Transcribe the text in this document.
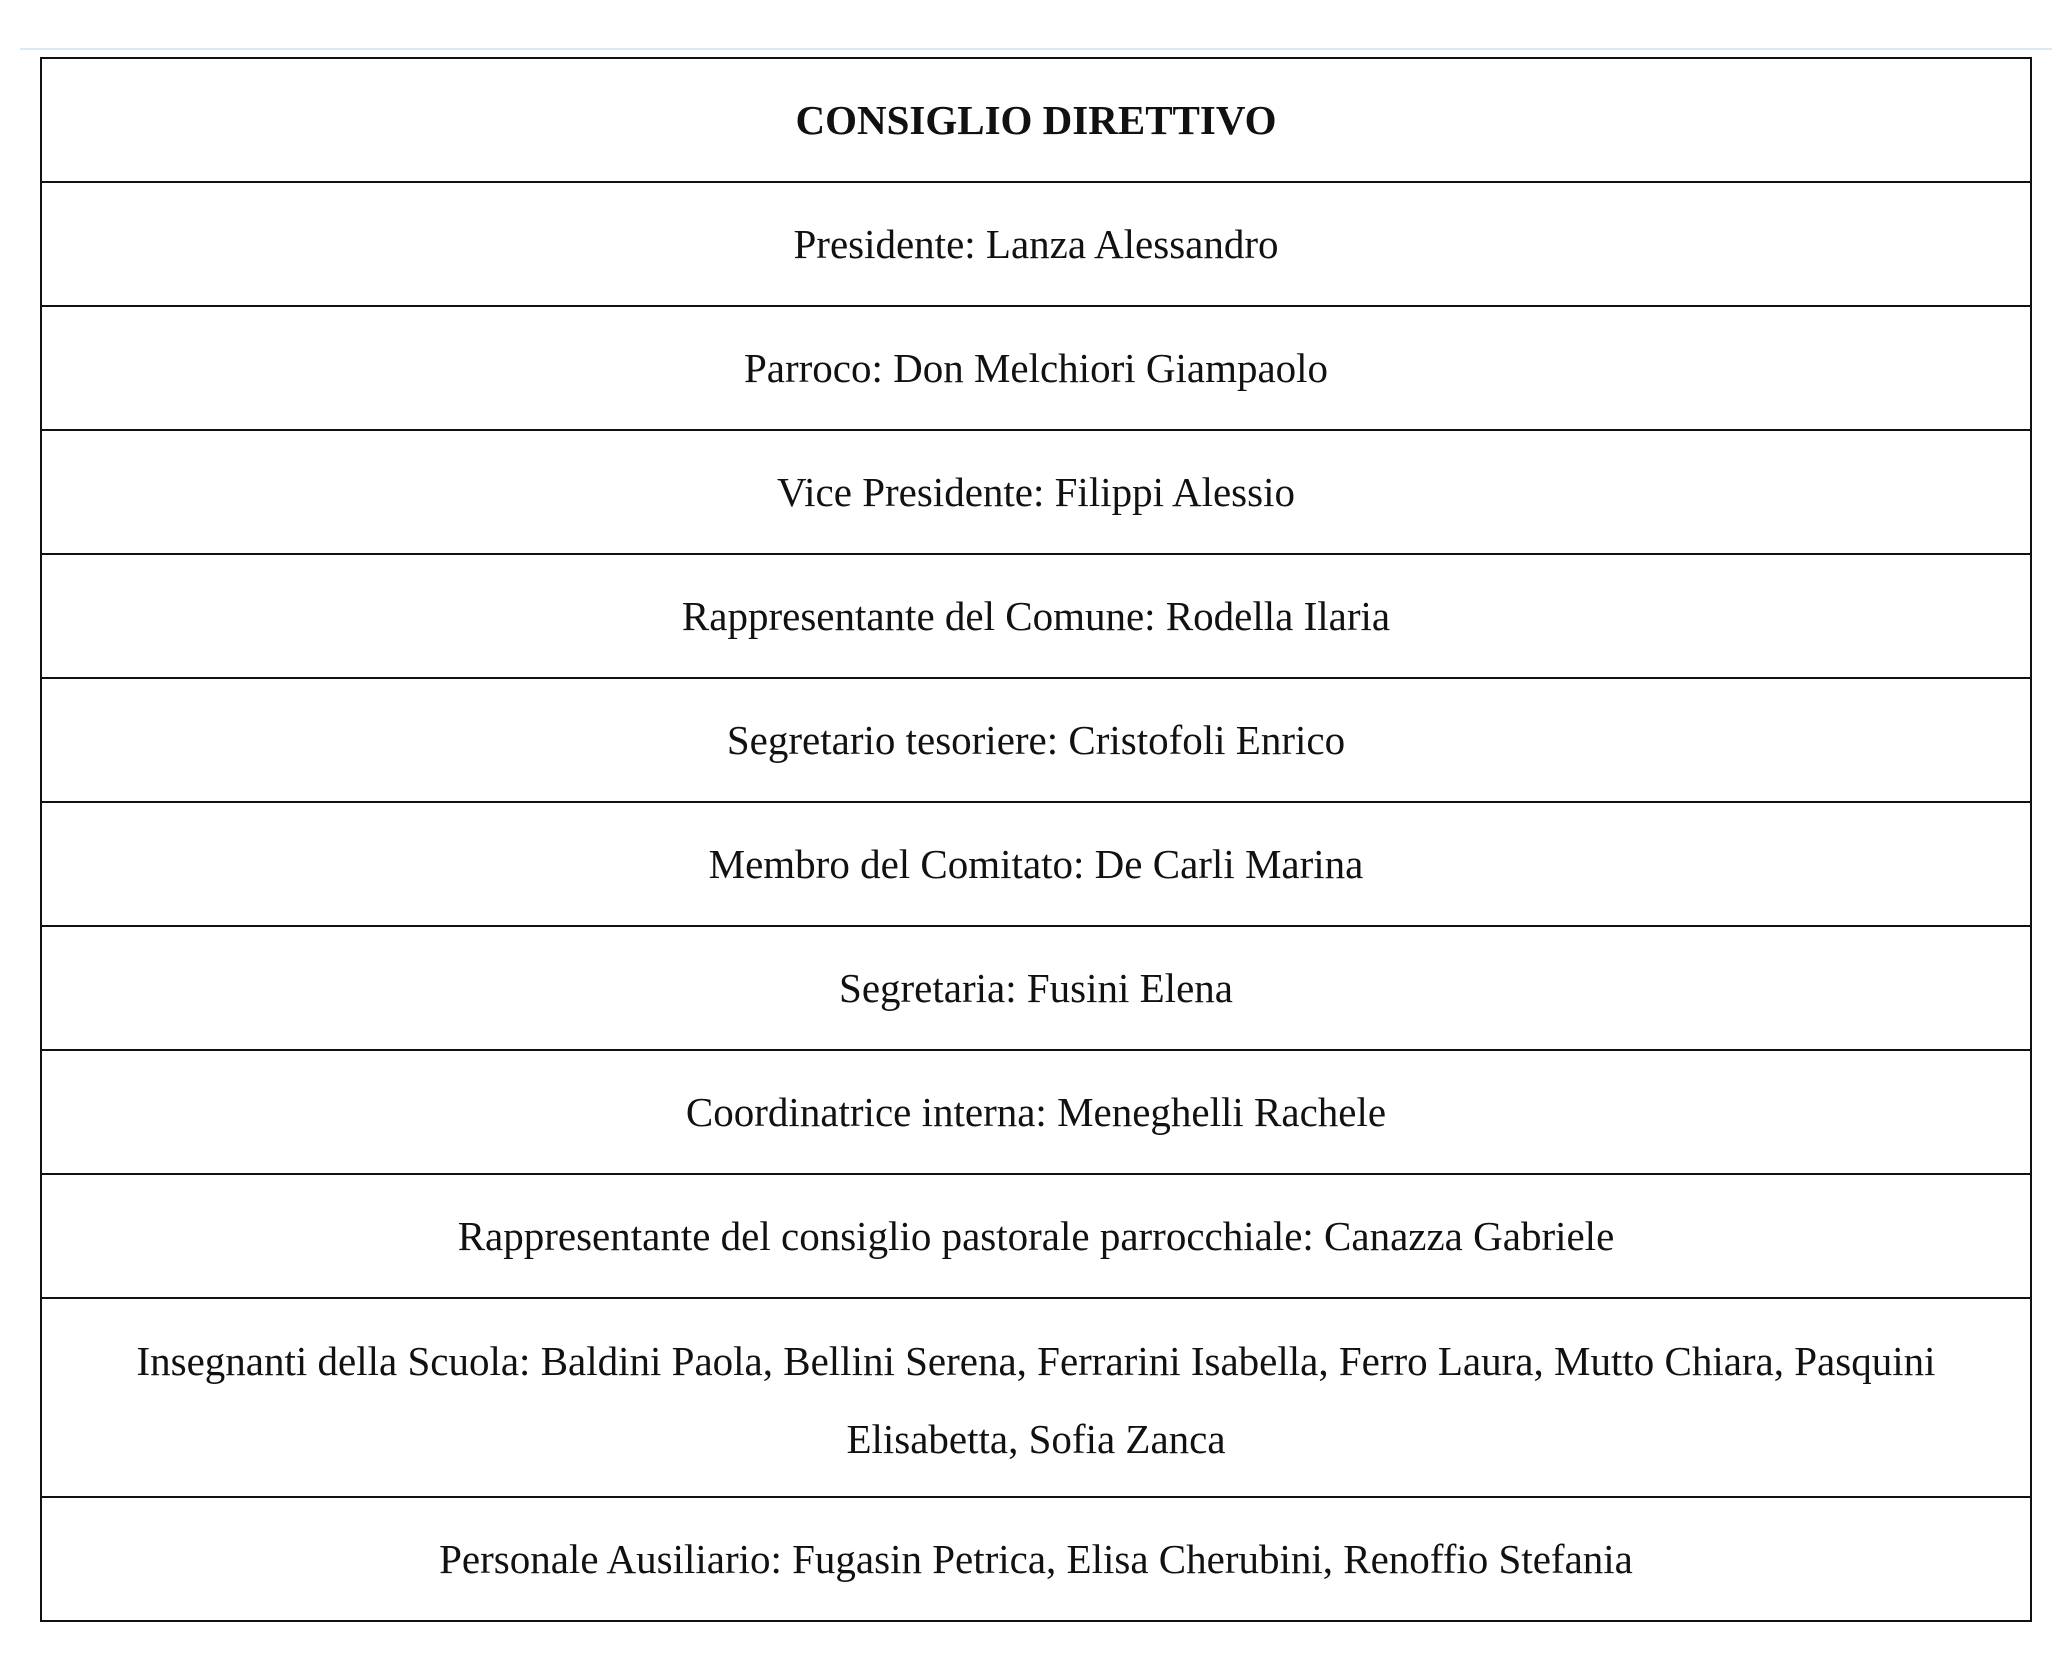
CONSIGLIO DIRETTIVO
Presidente: Lanza Alessandro
Parroco: Don Melchiori Giampaolo
Vice Presidente: Filippi Alessio
Rappresentante del Comune: Rodella Ilaria
Segretario tesoriere: Cristofoli Enrico
Membro del Comitato: De Carli Marina
Segretaria: Fusini Elena
Coordinatrice interna: Meneghelli Rachele
Rappresentante del consiglio pastorale parrocchiale: Canazza Gabriele
Insegnanti della Scuola: Baldini Paola, Bellini Serena, Ferrarini Isabella, Ferro Laura, Mutto Chiara, Pasquini Elisabetta, Sofia Zanca
Personale Ausiliario: Fugasin Petrica, Elisa Cherubini, Renoffio Stefania
